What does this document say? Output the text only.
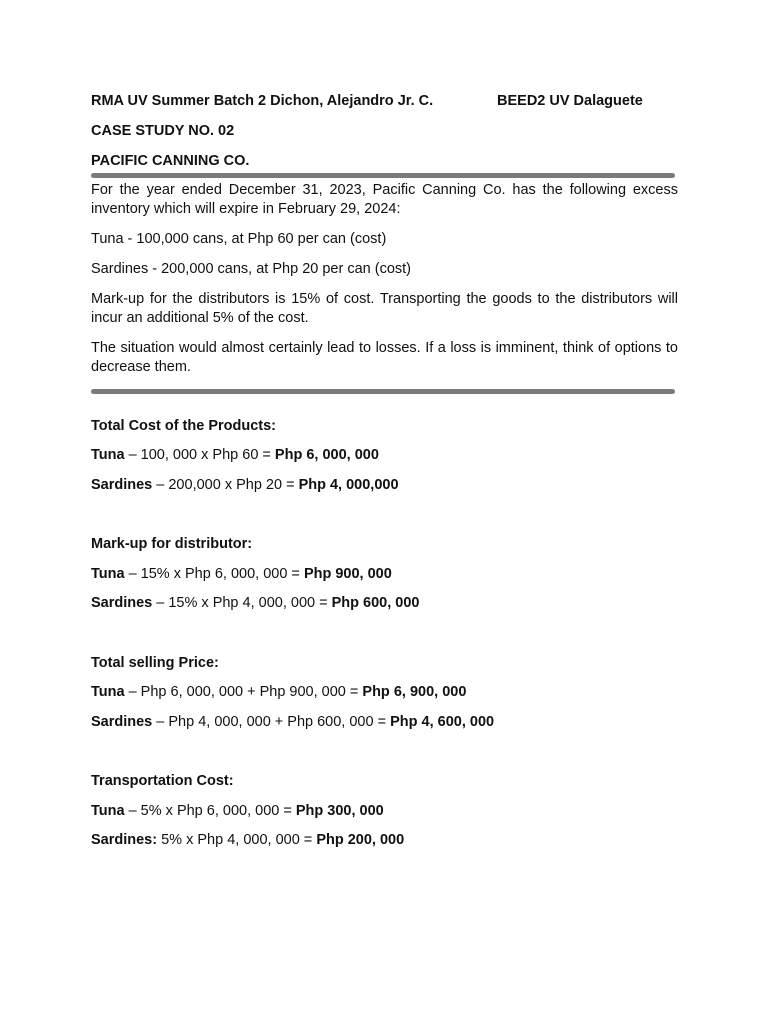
RMA UV Summer Batch 2 Dichon, Alejandro Jr. C.	BEED2 UV Dalaguete
CASE STUDY NO. 02
PACIFIC CANNING CO.
For the year ended December 31, 2023, Pacific Canning Co. has the following excess inventory which will expire in February 29, 2024:
Tuna - 100,000 cans, at Php 60 per can (cost)
Sardines - 200,000 cans, at Php 20 per can (cost)
Mark-up for the distributors is 15% of cost. Transporting the goods to the distributors will incur an additional 5% of the cost.
The situation would almost certainly lead to losses. If a loss is imminent, think of options to decrease them.
Total Cost of the Products:
Tuna – 100, 000 x Php 60 = Php 6, 000, 000
Sardines – 200,000 x Php 20 = Php 4, 000,000
Mark-up for distributor:
Tuna – 15% x Php 6, 000, 000 = Php 900, 000
Sardines – 15% x Php 4, 000, 000 = Php 600, 000
Total selling Price:
Tuna – Php 6, 000, 000 + Php 900, 000 = Php 6, 900, 000
Sardines – Php 4, 000, 000 + Php 600, 000 = Php 4, 600, 000
Transportation Cost:
Tuna – 5% x Php 6, 000, 000 = Php 300, 000
Sardines: 5% x Php 4, 000, 000 = Php 200, 000
